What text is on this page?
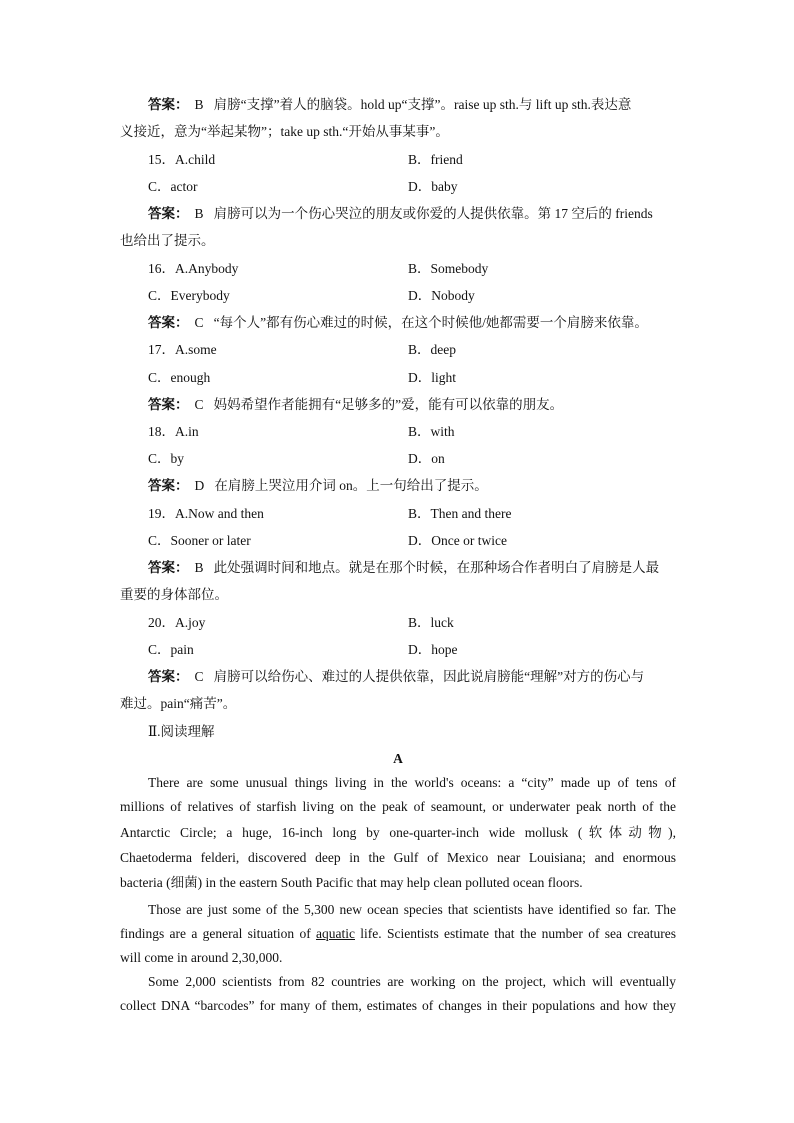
答案： B 肩膀“支撑”着人的脑袋。hold up“支撑”。raise up sth.与 lift up sth.表达意
义接近，意为“举起某物”；take up sth.“开始从事某事”。
15．A.child	B．friend
C．actor	D．baby
答案： B 肩膀可以为一个伤心哭泣的朋友或你爱的人提供依靠。第 17 空后的 friends
也给出了提示。
16．A.Anybody	B．Somebody
C．Everybody	D．Nobody
答案： C “每个人”都有伤心难过的时候，在这个时候他/她都需要一个肩膀来依靠。
17．A.some	B．deep
C．enough	D．light
答案： C 妈妈希望作者能拥有“足够多的”爱，能有可以依靠的朋友。
18．A.in	B．with
C．by	D．on
答案： D 在肩膀上哭泣用介词 on。上一句给出了提示。
19．A.Now and then	B．Then and there
C．Sooner or later	D．Once or twice
答案： B 此处强调时间和地点。就是在那个时候，在那种场合作者明白了肩膀是人最
重要的身体部位。
20．A.joy	B．luck
C．pain	D．hope
答案： C 肩膀可以给伤心、难过的人提供依靠，因此说肩膀能“理解”对方的伤心与
难过。pain“痛苦”。
Ⅱ.阅读理解
A
There are some unusual things living in the world's oceans: a “city” made up of tens of
millions of relatives of starfish living on the peak of seamount, or underwater peak north of the
Antarctic Circle; a huge, 16-inch long by one-quarter-inch wide mollusk (软体动物),
Chaetoderma felderi, discovered deep in the Gulf of Mexico near Louisiana; and enormous
bacteria (细菌) in the eastern South Pacific that may help clean polluted ocean floors.
Those are just some of the 5,300 new ocean species that scientists have identified so far. The
findings are a general situation of aquatic life. Scientists estimate that the number of sea creatures
will come in around 2,30,000.
Some 2,000 scientists from 82 countries are working on the project, which will eventually
collect DNA “barcodes” for many of them, estimates of changes in their populations and how they
